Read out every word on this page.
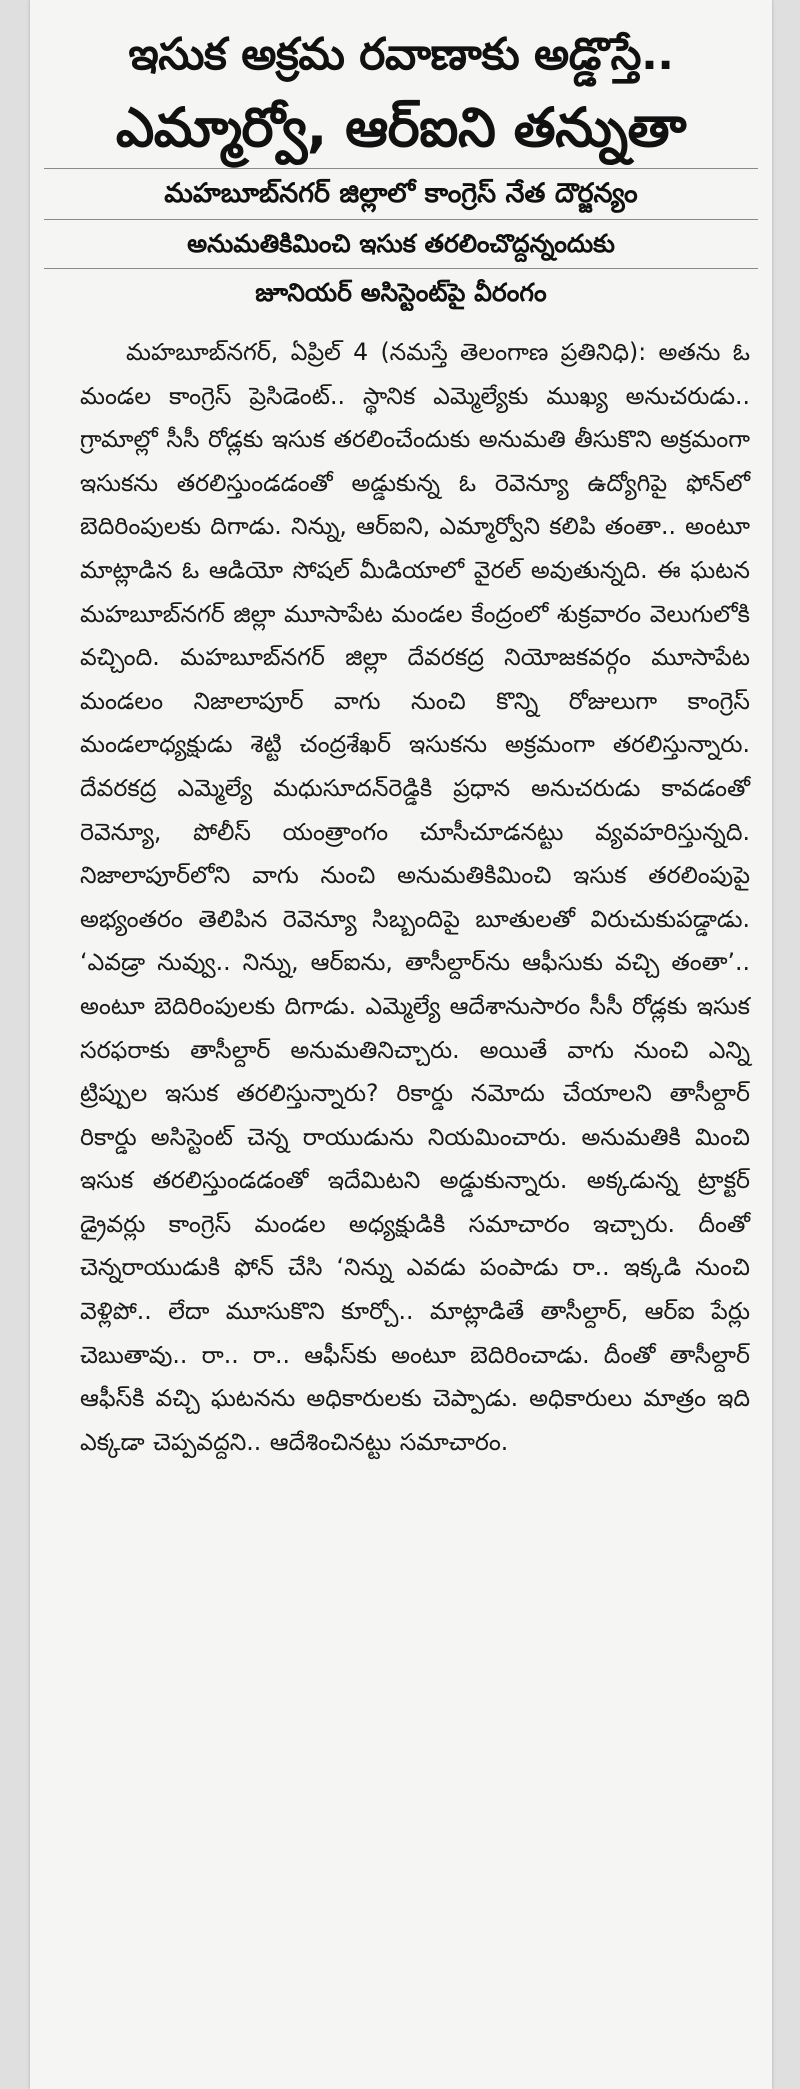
ఇసుక అక్రమ రవాణాకు అడ్డొస్తే..
ఎమ్మార్వో, ఆర్‌ఐని తన్నుతా
మహబూబ్‌నగర్ జిల్లాలో కాంగ్రెస్ నేత దౌర్జన్యం
అనుమతికిమించి ఇసుక తరలించొద్దన్నందుకు
జూనియర్ అసిస్టెంట్‌పై వీరంగం

మహబూబ్‌నగర్, ఏప్రిల్ 4 (నమస్తే తెలంగాణ ప్రతినిధి): అతను ఓ మండల కాంగ్రెస్ ప్రెసిడెంట్.. స్థానిక ఎమ్మెల్యేకు ముఖ్య అనుచరుడు.. గ్రామాల్లో సీసీ రోడ్లకు ఇసుక తరలించేందుకు అనుమతి తీసుకొని అక్రమంగా ఇసుకను తరలిస్తుండడంతో అడ్డుకున్న ఓ రెవెన్యూ ఉద్యోగిపై ఫోన్‌లో బెదిరింపులకు దిగాడు. నిన్ను, ఆర్‌ఐని, ఎమ్మార్వోని కలిపి తంతా.. అంటూ మాట్లాడిన ఓ ఆడియో సోషల్ మీడియాలో వైరల్ అవుతున్నది. ఈ ఘటన మహబూబ్‌నగర్ జిల్లా మూసాపేట మండల కేంద్రంలో శుక్రవారం వెలుగులోకి వచ్చింది. మహబూబ్‌నగర్ జిల్లా దేవరకద్ర నియోజకవర్గం మూసాపేట మండలం నిజాలాపూర్ వాగు నుంచి కొన్ని రోజులుగా కాంగ్రెస్ మండలాధ్యక్షుడు శెట్టి చంద్రశేఖర్ ఇసుకను అక్రమంగా తరలిస్తున్నారు. దేవరకద్ర ఎమ్మెల్యే మధుసూదన్‌రెడ్డికి ప్రధాన అనుచరుడు కావడంతో రెవెన్యూ, పోలీస్ యంత్రాంగం చూసీచూడనట్టు వ్యవహరిస్తున్నది. నిజాలాపూర్‌లోని వాగు నుంచి అనుమతికిమించి ఇసుక తరలింపుపై అభ్యంతరం తెలిపిన రెవెన్యూ సిబ్బందిపై బూతులతో విరుచుకుపడ్డాడు. ‘ఎవడ్రా నువ్వు.. నిన్ను, ఆర్‌ఐను, తాసీల్దార్‌ను ఆఫీసుకు వచ్చి తంతా’.. అంటూ బెదిరింపులకు దిగాడు. ఎమ్మెల్యే ఆదేశానుసారం సీసీ రోడ్లకు ఇసుక సరఫరాకు తాసీల్దార్ అనుమతినిచ్చారు. అయితే వాగు నుంచి ఎన్ని ట్రిప్పుల ఇసుక తరలిస్తున్నారు? రికార్డు నమోదు చేయాలని తాసీల్దార్ రికార్డు అసిస్టెంట్ చెన్న రాయుడును నియమించారు. అనుమతికి మించి ఇసుక తరలిస్తుండడంతో ఇదేమిటని అడ్డుకున్నారు. అక్కడున్న ట్రాక్టర్ డ్రైవర్లు కాంగ్రెస్ మండల అధ్యక్షుడికి సమాచారం ఇచ్చారు. దీంతో చెన్నరాయుడుకి ఫోన్ చేసి ‘నిన్ను ఎవడు పంపాడు రా.. ఇక్కడి నుంచి వెళ్లిపో.. లేదా మూసుకొని కూర్చో.. మాట్లాడితే తాసీల్దార్, ఆర్‌ఐ పేర్లు చెబుతావు.. రా.. రా.. ఆఫీస్‌కు అంటూ బెదిరించాడు. దీంతో తాసీల్దార్ ఆఫీస్‌కి వచ్చి ఘటనను అధికారులకు చెప్పాడు. అధికారులు మాత్రం ఇది ఎక్కడా చెప్పవద్దని.. ఆదేశించినట్టు సమాచారం.
